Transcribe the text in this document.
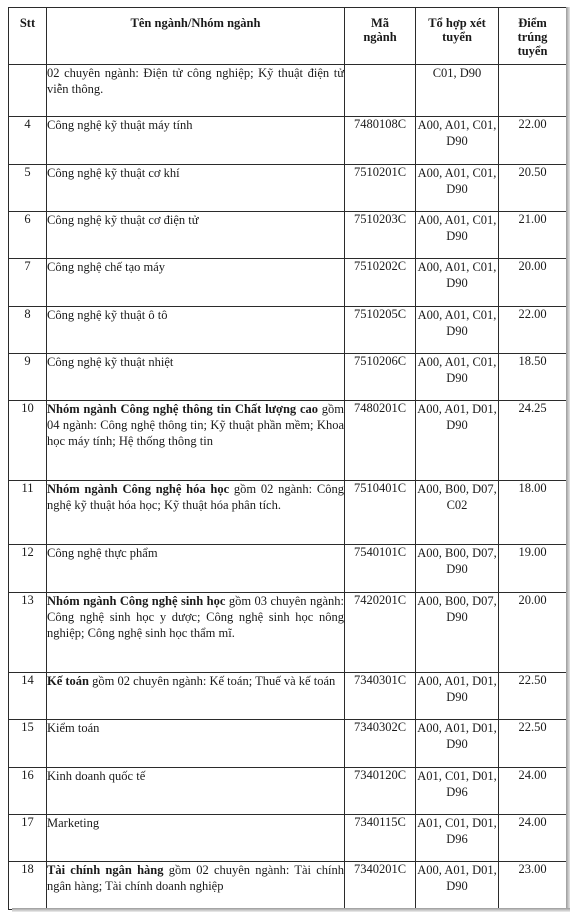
Stt	Tên ngành/Nhóm ngành	Mã ngành	Tổ hợp xét tuyển	Điểm trúng tuyển
	02 chuyên ngành: Điện tử công nghiệp; Kỹ thuật điện tử viễn thông.		C01, D90	
4	Công nghệ kỹ thuật máy tính	7480108C	A00, A01, C01, D90	22.00
5	Công nghệ kỹ thuật cơ khí	7510201C	A00, A01, C01, D90	20.50
6	Công nghệ kỹ thuật cơ điện tử	7510203C	A00, A01, C01, D90	21.00
7	Công nghệ chế tạo máy	7510202C	A00, A01, C01, D90	20.00
8	Công nghệ kỹ thuật ô tô	7510205C	A00, A01, C01, D90	22.00
9	Công nghệ kỹ thuật nhiệt	7510206C	A00, A01, C01, D90	18.50
10	Nhóm ngành Công nghệ thông tin Chất lượng cao gồm 04 ngành: Công nghệ thông tin; Kỹ thuật phần mềm; Khoa học máy tính; Hệ thống thông tin	7480201C	A00, A01, D01, D90	24.25
11	Nhóm ngành Công nghệ hóa học gồm 02 ngành: Công nghệ kỹ thuật hóa học; Kỹ thuật hóa phân tích.	7510401C	A00, B00, D07, C02	18.00
12	Công nghệ thực phẩm	7540101C	A00, B00, D07, D90	19.00
13	Nhóm ngành Công nghệ sinh học gồm 03 chuyên ngành: Công nghệ sinh học y dược; Công nghệ sinh học nông nghiệp; Công nghệ sinh học thẩm mĩ.	7420201C	A00, B00, D07, D90	20.00
14	Kế toán gồm 02 chuyên ngành: Kế toán; Thuế và kế toán	7340301C	A00, A01, D01, D90	22.50
15	Kiểm toán	7340302C	A00, A01, D01, D90	22.50
16	Kinh doanh quốc tế	7340120C	A01, C01, D01, D96	24.00
17	Marketing	7340115C	A01, C01, D01, D96	24.00
18	Tài chính ngân hàng gồm 02 chuyên ngành: Tài chính ngân hàng; Tài chính doanh nghiệp	7340201C	A00, A01, D01, D90	23.00
